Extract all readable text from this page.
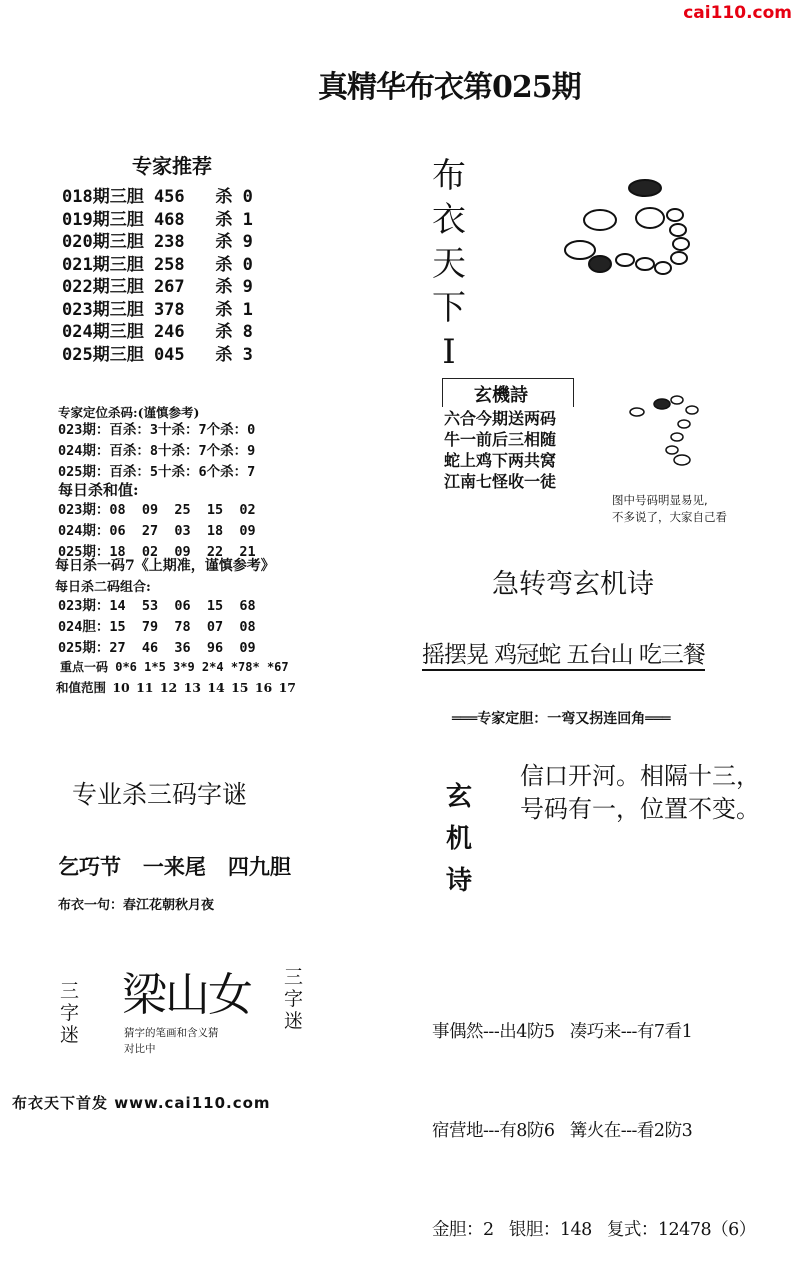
cai110.com
真精华布衣第025期
专家推荐
018期三胆 456   杀 0
019期三胆 468   杀 1
020期三胆 238   杀 9
021期三胆 258   杀 0
022期三胆 267   杀 9
023期三胆 378   杀 1
024期三胆 246   杀 8
025期三胆 045   杀 3
专家定位杀码:(谨慎参考)
023期：百杀：3十杀：7个杀：0
024期：百杀：8十杀：7个杀：9
025期：百杀：5十杀：6个杀：7
每日杀和值:
023期：08  09  25  15  02
024期：06  27  03  18  09
025期：18  02  09  22  21
每日杀一码7《上期准，谨慎参考》
每日杀二码组合:
023期：14  53  06  15  68
024胆：15  79  78  07  08
025期：27  46  36  96  09
重点一码 0*6 1*5 3*9 2*4 *78* *67
和值范围 10 11 12 13 14 15 16 17
布
衣
天
下
I
玄機詩
六合今期送两码
牛一前后三相随
蛇上鸡下两共窝
江南七怪收一徒
图中号码明显易见,
不多说了，大家自己看
急转弯玄机诗
摇摆晃 鸡冠蛇 五台山 吃三餐
═══专家定胆：一弯又拐连回角═══
玄
机
诗
信口开河。相隔十三，
号码有一，位置不变。
专业杀三码字谜
乞巧节   一来尾   四九胆
布衣一句：春江花朝秋月夜
三
字
迷
梁山女 三
字
迷
猜字的笔画和含义猜
对比中

事偶然---出4防5   凑巧来---有7看1

宿营地---有8防6   篝火在---看2防3

金胆：2   银胆：148   复式：12478（6）

布衣天下首发 www.cai110.com
